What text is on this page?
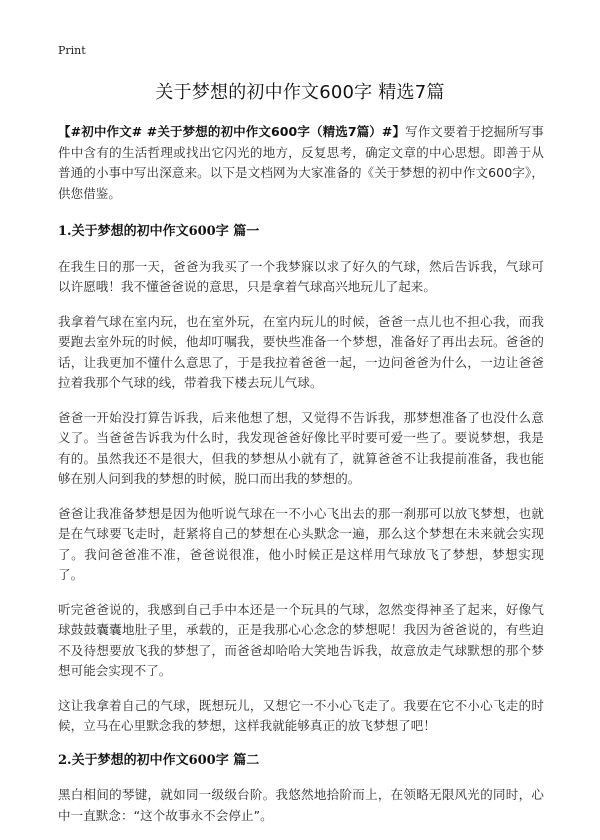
Print
关于梦想的初中作文600字 精选7篇

【#初中作文# #关于梦想的初中作文600字（精选7篇）#】写作文要着于挖掘所写事件中含有的生活哲理或找出它闪光的地方，反复思考，确定文章的中心思想。即善于从普通的小事中写出深意来。以下是文档网为大家准备的《关于梦想的初中作文600字》，供您借鉴。

1.关于梦想的初中作文600字 篇一

在我生日的那一天，爸爸为我买了一个我梦寐以求了好久的气球，然后告诉我，气球可以许愿哦！我不懂爸爸说的意思，只是拿着气球高兴地玩儿了起来。

我拿着气球在室内玩，也在室外玩，在室内玩儿的时候，爸爸一点儿也不担心我，而我要跑去室外玩的时候，他却叮嘱我，要快些准备一个梦想，准备好了再出去玩。爸爸的话，让我更加不懂什么意思了，于是我拉着爸爸一起，一边问爸爸为什么，一边让爸爸拉着我那个气球的线，带着我下楼去玩儿气球。

爸爸一开始没打算告诉我，后来他想了想，又觉得不告诉我，那梦想准备了也没什么意义了。当爸爸告诉我为什么时，我发现爸爸好像比平时要可爱一些了。要说梦想，我是有的。虽然我还不是很大，但我的梦想从小就有了，就算爸爸不让我提前准备，我也能够在别人问到我的梦想的时候，脱口而出我的梦想的。

爸爸让我准备梦想是因为他听说气球在一不小心飞出去的那一刹那可以放飞梦想，也就是在气球要飞走时，赶紧将自己的梦想在心头默念一遍，那么这个梦想在未来就会实现了。我问爸爸准不准，爸爸说很准，他小时候正是这样用气球放飞了梦想，梦想实现了。

听完爸爸说的，我感到自己手中本还是一个玩具的气球，忽然变得神圣了起来，好像气球鼓鼓囊囊地肚子里，承载的，正是我那心心念念的梦想呢！我因为爸爸说的，有些迫不及待想要放飞我的梦想了，而爸爸却哈哈大笑地告诉我，故意放走气球默想的那个梦想可能会实现不了。

这让我拿着自己的气球，既想玩儿，又想它一不小心飞走了。我要在它不小心飞走的时候，立马在心里默念我的梦想，这样我就能够真正的放飞梦想了吧！

2.关于梦想的初中作文600字 篇二

黑白相间的琴键，就如同一级级台阶。我悠然地拾阶而上，在领略无限风光的同时，心中一直默念：“这个故事永不会停止”。
